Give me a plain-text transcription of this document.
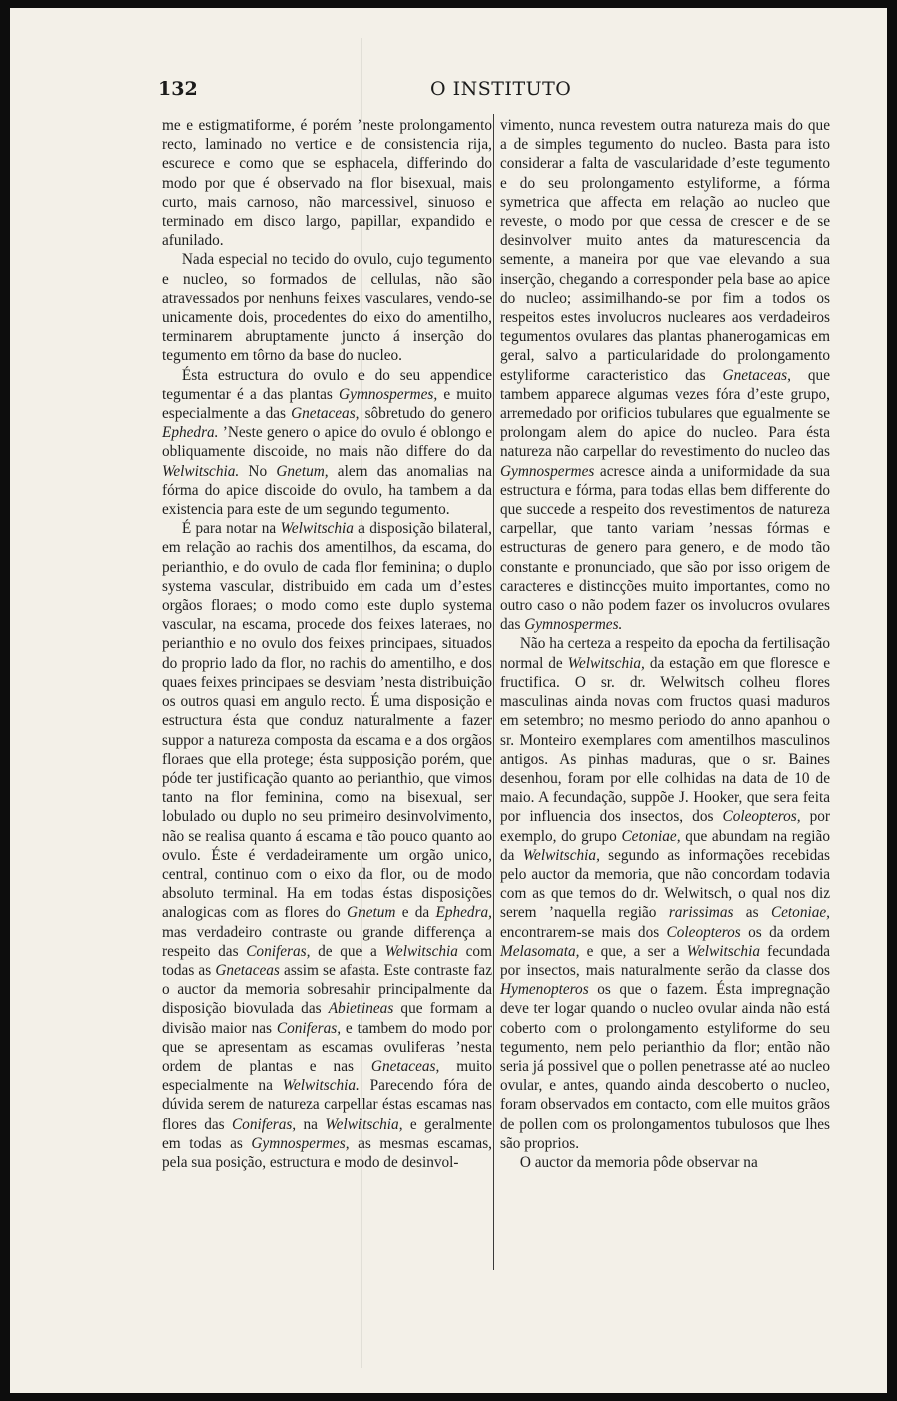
132	O INSTITUTO

me e estigmatiforme, é porém ’neste prolongamento recto, laminado no vertice e de consistencia rija, escurece e como que se esphacela, differindo do modo por que é observado na flor bisexual, mais curto, mais carnoso, não marcessivel, sinuoso e terminado em disco largo, papillar, expandido e afunilado.

Nada especial no tecido do ovulo, cujo tegumento e nucleo, so formados de cellulas, não são atravessados por nenhuns feixes vasculares, vendo-se unicamente dois, procedentes do eixo do amentilho, terminarem abruptamente juncto á inserção do tegumento em tôrno da base do nucleo.

Ésta estructura do ovulo e do seu appendice tegumentar é a das plantas Gymnospermes, e muito especialmente a das Gnetaceas, sôbretudo do genero Ephedra. ’Neste genero o apice do ovulo é oblongo e obliquamente discoide, no mais não differe do da Welwitschia. No Gnetum, alem das anomalias na fórma do apice discoide do ovulo, ha tambem a da existencia para este de um segundo tegumento.

É para notar na Welwitschia a disposição bilateral, em relação ao rachis dos amentilhos, da escama, do perianthio, e do ovulo de cada flor feminina; o duplo systema vascular, distribuido em cada um d’estes orgãos floraes; o modo como este duplo systema vascular, na escama, procede dos feixes lateraes, no perianthio e no ovulo dos feixes principaes, situados do proprio lado da flor, no rachis do amentilho, e dos quaes feixes principaes se desviam ’nesta distribuição os outros quasi em angulo recto. É uma disposição e estructura ésta que conduz naturalmente a fazer suppor a natureza composta da escama e a dos orgãos floraes que ella protege; ésta supposição porém, que póde ter justificação quanto ao perianthio, que vimos tanto na flor feminina, como na bisexual, ser lobulado ou duplo no seu primeiro desinvolvimento, não se realisa quanto á escama e tão pouco quanto ao ovulo. Éste é verdadeiramente um orgão unico, central, continuo com o eixo da flor, ou de modo absoluto terminal. Ha em todas éstas disposições analogicas com as flores do Gnetum e da Ephedra, mas verdadeiro contraste ou grande differença a respeito das Coniferas, de que a Welwitschia com todas as Gnetaceas assim se afasta. Este contraste faz o auctor da memoria sobresahir principalmente da disposição biovulada das Abietineas que formam a divisão maior nas Coniferas, e tambem do modo por que se apresentam as escamas ovuliferas ’nesta ordem de plantas e nas Gnetaceas, muito especialmente na Welwitschia. Parecendo fóra de dúvida serem de natureza carpellar éstas escamas nas flores das Coniferas, na Welwitschia, e geralmente em todas as Gymnospermes, as mesmas escamas, pela sua posição, estructura e modo de desinvol-

vimento, nunca revestem outra natureza mais do que a de simples tegumento do nucleo. Basta para isto considerar a falta de vascularidade d’este tegumento e do seu prolongamento estyliforme, a fórma symetrica que affecta em relação ao nucleo que reveste, o modo por que cessa de crescer e de se desinvolver muito antes da maturescencia da semente, a maneira por que vae elevando a sua inserção, chegando a corresponder pela base ao apice do nucleo; assimilhando-se por fim a todos os respeitos estes involucros nucleares aos verdadeiros tegumentos ovulares das plantas phanerogamicas em geral, salvo a particularidade do prolongamento estyliforme caracteristico das Gnetaceas, que tambem apparece algumas vezes fóra d’este grupo, arremedado por orificios tubulares que egualmente se prolongam alem do apice do nucleo. Para ésta natureza não carpellar do revestimento do nucleo das Gymnospermes acresce ainda a uniformidade da sua estructura e fórma, para todas ellas bem differente do que succede a respeito dos revestimentos de natureza carpellar, que tanto variam ’nessas fórmas e estructuras de genero para genero, e de modo tão constante e pronunciado, que são por isso origem de caracteres e distincções muito importantes, como no outro caso o não podem fazer os involucros ovulares das Gymnospermes.

Não ha certeza a respeito da epocha da fertilisação normal de Welwitschia, da estação em que floresce e fructifica. O sr. dr. Welwitsch colheu flores masculinas ainda novas com fructos quasi maduros em setembro; no mesmo periodo do anno apanhou o sr. Monteiro exemplares com amentilhos masculinos antigos. As pinhas maduras, que o sr. Baines desenhou, foram por elle colhidas na data de 10 de maio. A fecundação, suppõe J. Hooker, que sera feita por influencia dos insectos, dos Coleopteros, por exemplo, do grupo Cetoniae, que abundam na região da Welwitschia, segundo as informações recebidas pelo auctor da memoria, que não concordam todavia com as que temos do dr. Welwitsch, o qual nos diz serem ’naquella região rarissimas as Cetoniae, encontrarem-se mais dos Coleopteros os da ordem Melasomata, e que, a ser a Welwitschia fecundada por insectos, mais naturalmente serão da classe dos Hymenopteros os que o fazem. Ésta impregnação deve ter logar quando o nucleo ovular ainda não está coberto com o prolongamento estyliforme do seu tegumento, nem pelo perianthio da flor; então não seria já possivel que o pollen penetrasse até ao nucleo ovular, e antes, quando ainda descoberto o nucleo, foram observados em contacto, com elle muitos grãos de pollen com os prolongamentos tubulosos que lhes são proprios.

O auctor da memoria pôde observar na
